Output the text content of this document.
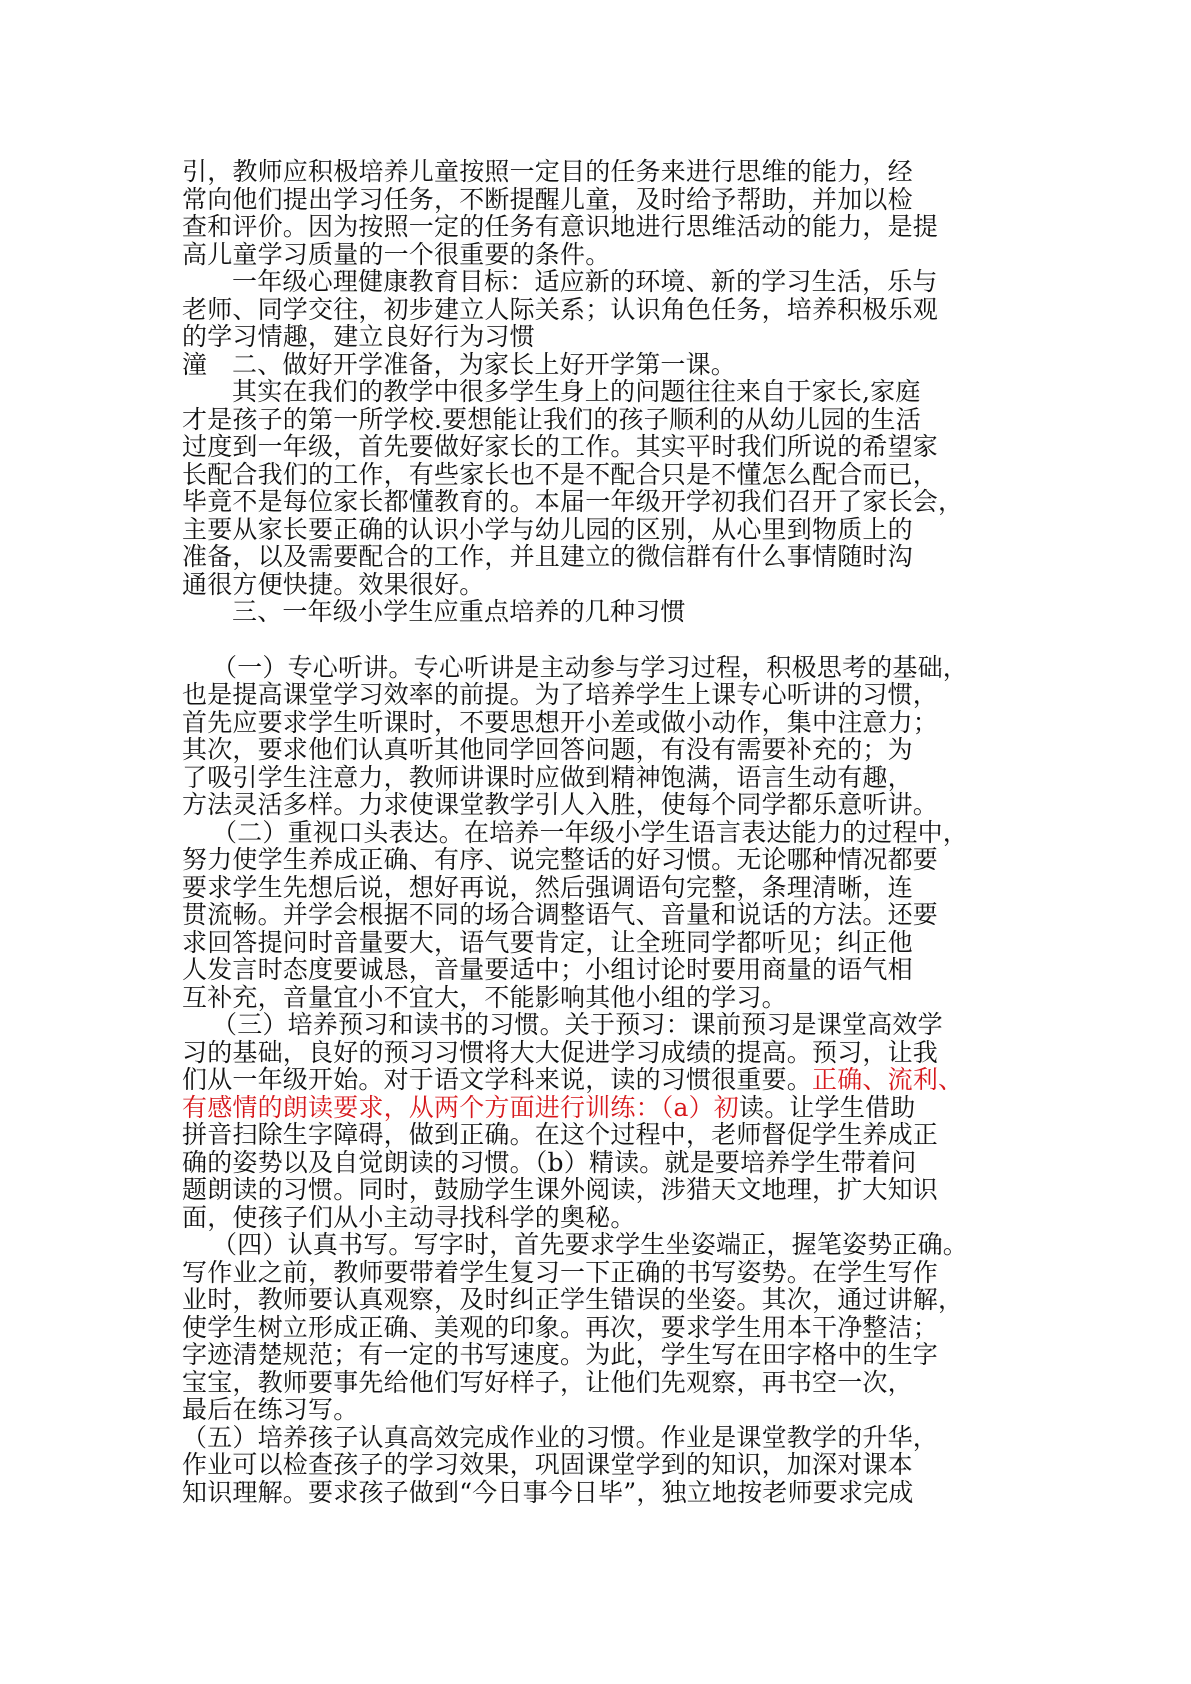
引，教师应积极培养儿童按照一定目的任务来进行思维的能力，经
常向他们提出学习任务，不断提醒儿童，及时给予帮助，并加以检
查和评价。因为按照一定的任务有意识地进行思维活动的能力，是提
高儿童学习质量的一个很重要的条件。
一年级心理健康教育目标：适应新的环境、新的学习生活，乐与
老师、同学交往，初步建立人际关系；认识角色任务，培养积极乐观
的学习情趣，建立良好行为习惯
潼 二、做好开学准备，为家长上好开学第一课。
其实在我们的教学中很多学生身上的问题往往来自于家长,家庭
才是孩子的第一所学校.要想能让我们的孩子顺利的从幼儿园的生活
过度到一年级，首先要做好家长的工作。其实平时我们所说的希望家
长配合我们的工作，有些家长也不是不配合只是不懂怎么配合而已，
毕竟不是每位家长都懂教育的。本届一年级开学初我们召开了家长会，
主要从家长要正确的认识小学与幼儿园的区别，从心里到物质上的
准备，以及需要配合的工作，并且建立的微信群有什么事情随时沟
通很方便快捷。效果很好。
三、一年级小学生应重点培养的几种习惯
（一）专心听讲。专心听讲是主动参与学习过程，积极思考的基础，
也是提高课堂学习效率的前提。为了培养学生上课专心听讲的习惯，
首先应要求学生听课时，不要思想开小差或做小动作，集中注意力；
其次，要求他们认真听其他同学回答问题，有没有需要补充的；为
了吸引学生注意力，教师讲课时应做到精神饱满，语言生动有趣，
方法灵活多样。力求使课堂教学引人入胜，使每个同学都乐意听讲。
（二）重视口头表达。在培养一年级小学生语言表达能力的过程中，
努力使学生养成正确、有序、说完整话的好习惯。无论哪种情况都要
要求学生先想后说，想好再说，然后强调语句完整，条理清晰，连
贯流畅。并学会根据不同的场合调整语气、音量和说话的方法。还要
求回答提问时音量要大，语气要肯定，让全班同学都听见；纠正他
人发言时态度要诚恳，音量要适中；小组讨论时要用商量的语气相
互补充，音量宜小不宜大，不能影响其他小组的学习。
（三）培养预习和读书的习惯。关于预习：课前预习是课堂高效学
习的基础，良好的预习习惯将大大促进学习成绩的提高。预习，让我
们从一年级开始。对于语文学科来说，读的习惯很重要。正确、流利、
有感情的朗读要求，从两个方面进行训练：（a）初读。让学生借助
拼音扫除生字障碍，做到正确。在这个过程中，老师督促学生养成正
确的姿势以及自觉朗读的习惯。（b）精读。就是要培养学生带着问
题朗读的习惯。同时，鼓励学生课外阅读，涉猎天文地理，扩大知识
面，使孩子们从小主动寻找科学的奥秘。
（四）认真书写。写字时，首先要求学生坐姿端正，握笔姿势正确。
写作业之前，教师要带着学生复习一下正确的书写姿势。在学生写作
业时，教师要认真观察，及时纠正学生错误的坐姿。其次，通过讲解，
使学生树立形成正确、美观的印象。再次，要求学生用本干净整洁；
字迹清楚规范；有一定的书写速度。为此，学生写在田字格中的生字
宝宝，教师要事先给他们写好样子，让他们先观察，再书空一次，
最后在练习写。
（五）培养孩子认真高效完成作业的习惯。作业是课堂教学的升华，
作业可以检查孩子的学习效果，巩固课堂学到的知识，加深对课本
知识理解。要求孩子做到“今日事今日毕”，独立地按老师要求完成
